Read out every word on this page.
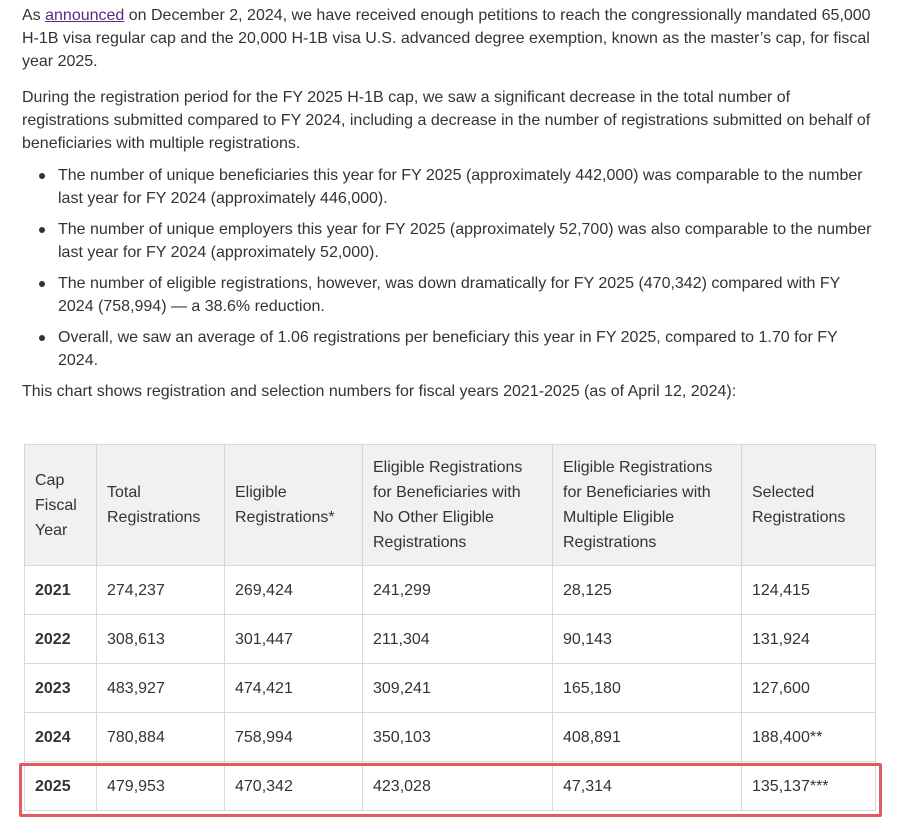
As announced on December 2, 2024, we have received enough petitions to reach the congressionally mandated 65,000 H-1B visa regular cap and the 20,000 H-1B visa U.S. advanced degree exemption, known as the master’s cap, for fiscal year 2025.

During the registration period for the FY 2025 H-1B cap, we saw a significant decrease in the total number of registrations submitted compared to FY 2024, including a decrease in the number of registrations submitted on behalf of beneficiaries with multiple registrations.

The number of unique beneficiaries this year for FY 2025 (approximately 442,000) was comparable to the number last year for FY 2024 (approximately 446,000).
The number of unique employers this year for FY 2025 (approximately 52,700) was also comparable to the number last year for FY 2024 (approximately 52,000).
The number of eligible registrations, however, was down dramatically for FY 2025 (470,342) compared with FY 2024 (758,994) — a 38.6% reduction.
Overall, we saw an average of 1.06 registrations per beneficiary this year in FY 2025, compared to 1.70 for FY 2024.

This chart shows registration and selection numbers for fiscal years 2021-2025 (as of April 12, 2024):

Cap Fiscal Year	Total Registrations	Eligible Registrations*	Eligible Registrations for Beneficiaries with No Other Eligible Registrations	Eligible Registrations for Beneficiaries with Multiple Eligible Registrations	Selected Registrations
2021	274,237	269,424	241,299	28,125	124,415
2022	308,613	301,447	211,304	90,143	131,924
2023	483,927	474,421	309,241	165,180	127,600
2024	780,884	758,994	350,103	408,891	188,400**
2025	479,953	470,342	423,028	47,314	135,137***
